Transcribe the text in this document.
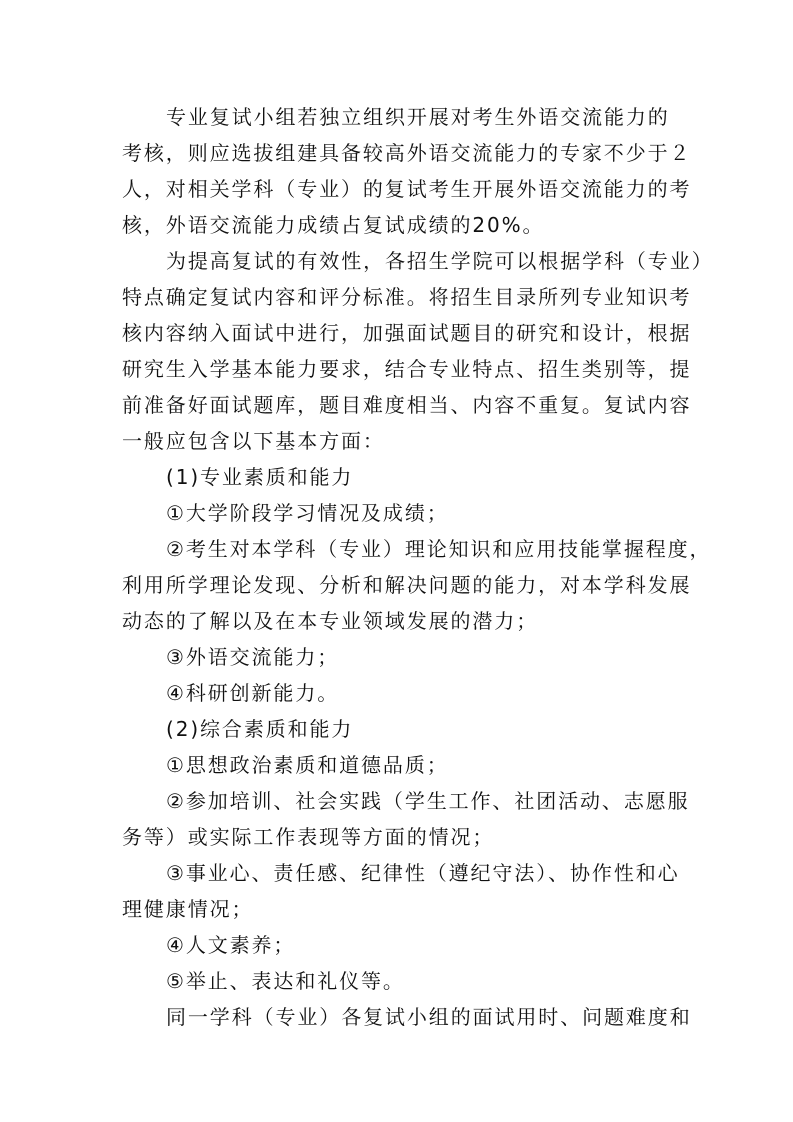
专业复试小组若独立组织开展对考生外语交流能力的
考核，则应选拔组建具备较高外语交流能力的专家不少于２
人，对相关学科（专业）的复试考生开展外语交流能力的考
核，外语交流能力成绩占复试成绩的20%。
为提高复试的有效性，各招生学院可以根据学科（专业）
特点确定复试内容和评分标准。将招生目录所列专业知识考
核内容纳入面试中进行，加强面试题目的研究和设计，根据
研究生入学基本能力要求，结合专业特点、招生类别等，提
前准备好面试题库，题目难度相当、内容不重复。复试内容
一般应包含以下基本方面：
(1)专业素质和能力
①大学阶段学习情况及成绩；
②考生对本学科（专业）理论知识和应用技能掌握程度，
利用所学理论发现、分析和解决问题的能力，对本学科发展
动态的了解以及在本专业领域发展的潜力；
③外语交流能力；
④科研创新能力。
(2)综合素质和能力
①思想政治素质和道德品质；
②参加培训、社会实践（学生工作、社团活动、志愿服
务等）或实际工作表现等方面的情况；
③事业心、责任感、纪律性（遵纪守法）、协作性和心
理健康情况；
④人文素养；
⑤举止、表达和礼仪等。
同一学科（专业）各复试小组的面试用时、问题难度和
